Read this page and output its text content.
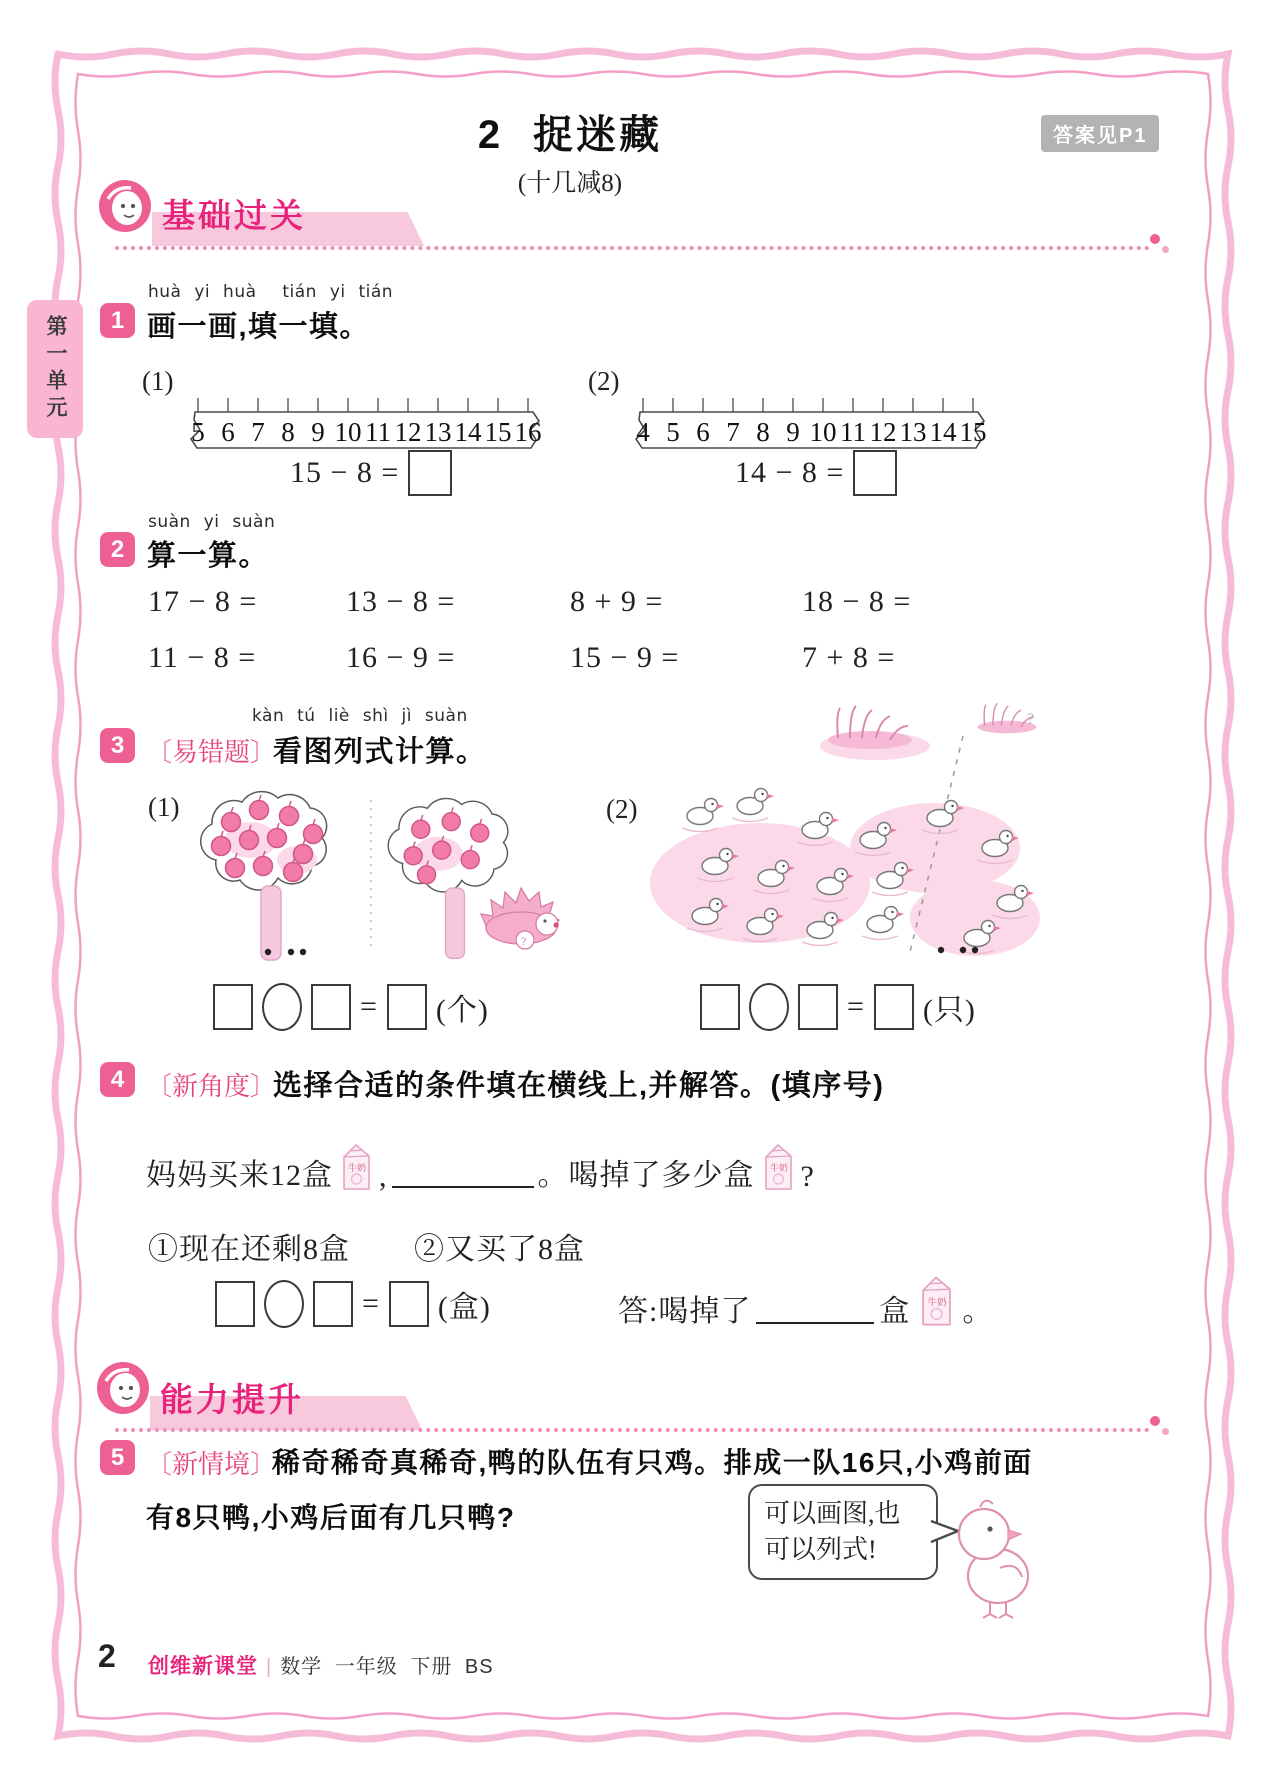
第一单元
2 捉迷藏
(十几减8)
答案见P1
基础过关
huà yi huà  tián yi tián
1 画一画,填一填。
(1)
5 6 7 8 9 10 11 12 13 14 15 16
15 − 8 =
(2)
4 5 6 7 8 9 10 11 12 13 14 15
14 − 8 =
suàn yi suàn
2 算一算。
17 − 8 =	13 − 8 =	8 + 9 =	18 − 8 =
11 − 8 =	16 − 9 =	15 − 9 =	7 + 8 =
kàn tú liè shì jì suàn
3 〔易错题〕
看图列式计算。
(1)
?
(2)
?
= (个)	= (只)
4 〔新角度〕
选择合适的条件填在横线上,并解答。(填序号)
妈妈买来12盒 ,	。喝掉了多少盒 ?
①现在还剩8盒 ②又买了8盒
= (盒)	答:喝掉了	盒 。
能力提升
5 〔新情境〕
稀奇稀奇真稀奇,鸭的队伍有只鸡。排成一队16只,小鸡前面
有8只鸭,小鸡后面有几只鸭?	可以画图,也
可以列式!
2 创维新课堂 | 数学 一年级 下册 BS
